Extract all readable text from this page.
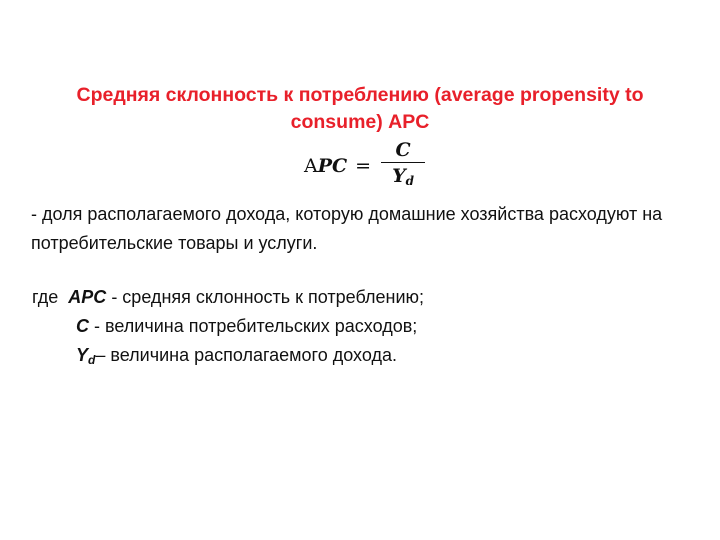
Средняя склонность к потреблению (average propensity to consume) APC
A PC = $\frac{C}{Y_d}$
- доля располагаемого дохода, которую домашние хозяйства расходуют на потребительские товары и услуги.
где APC - средняя склонность к потреблению;
C - величина потребительских расходов;
$Y_d-$ величина располагаемого дохода.
